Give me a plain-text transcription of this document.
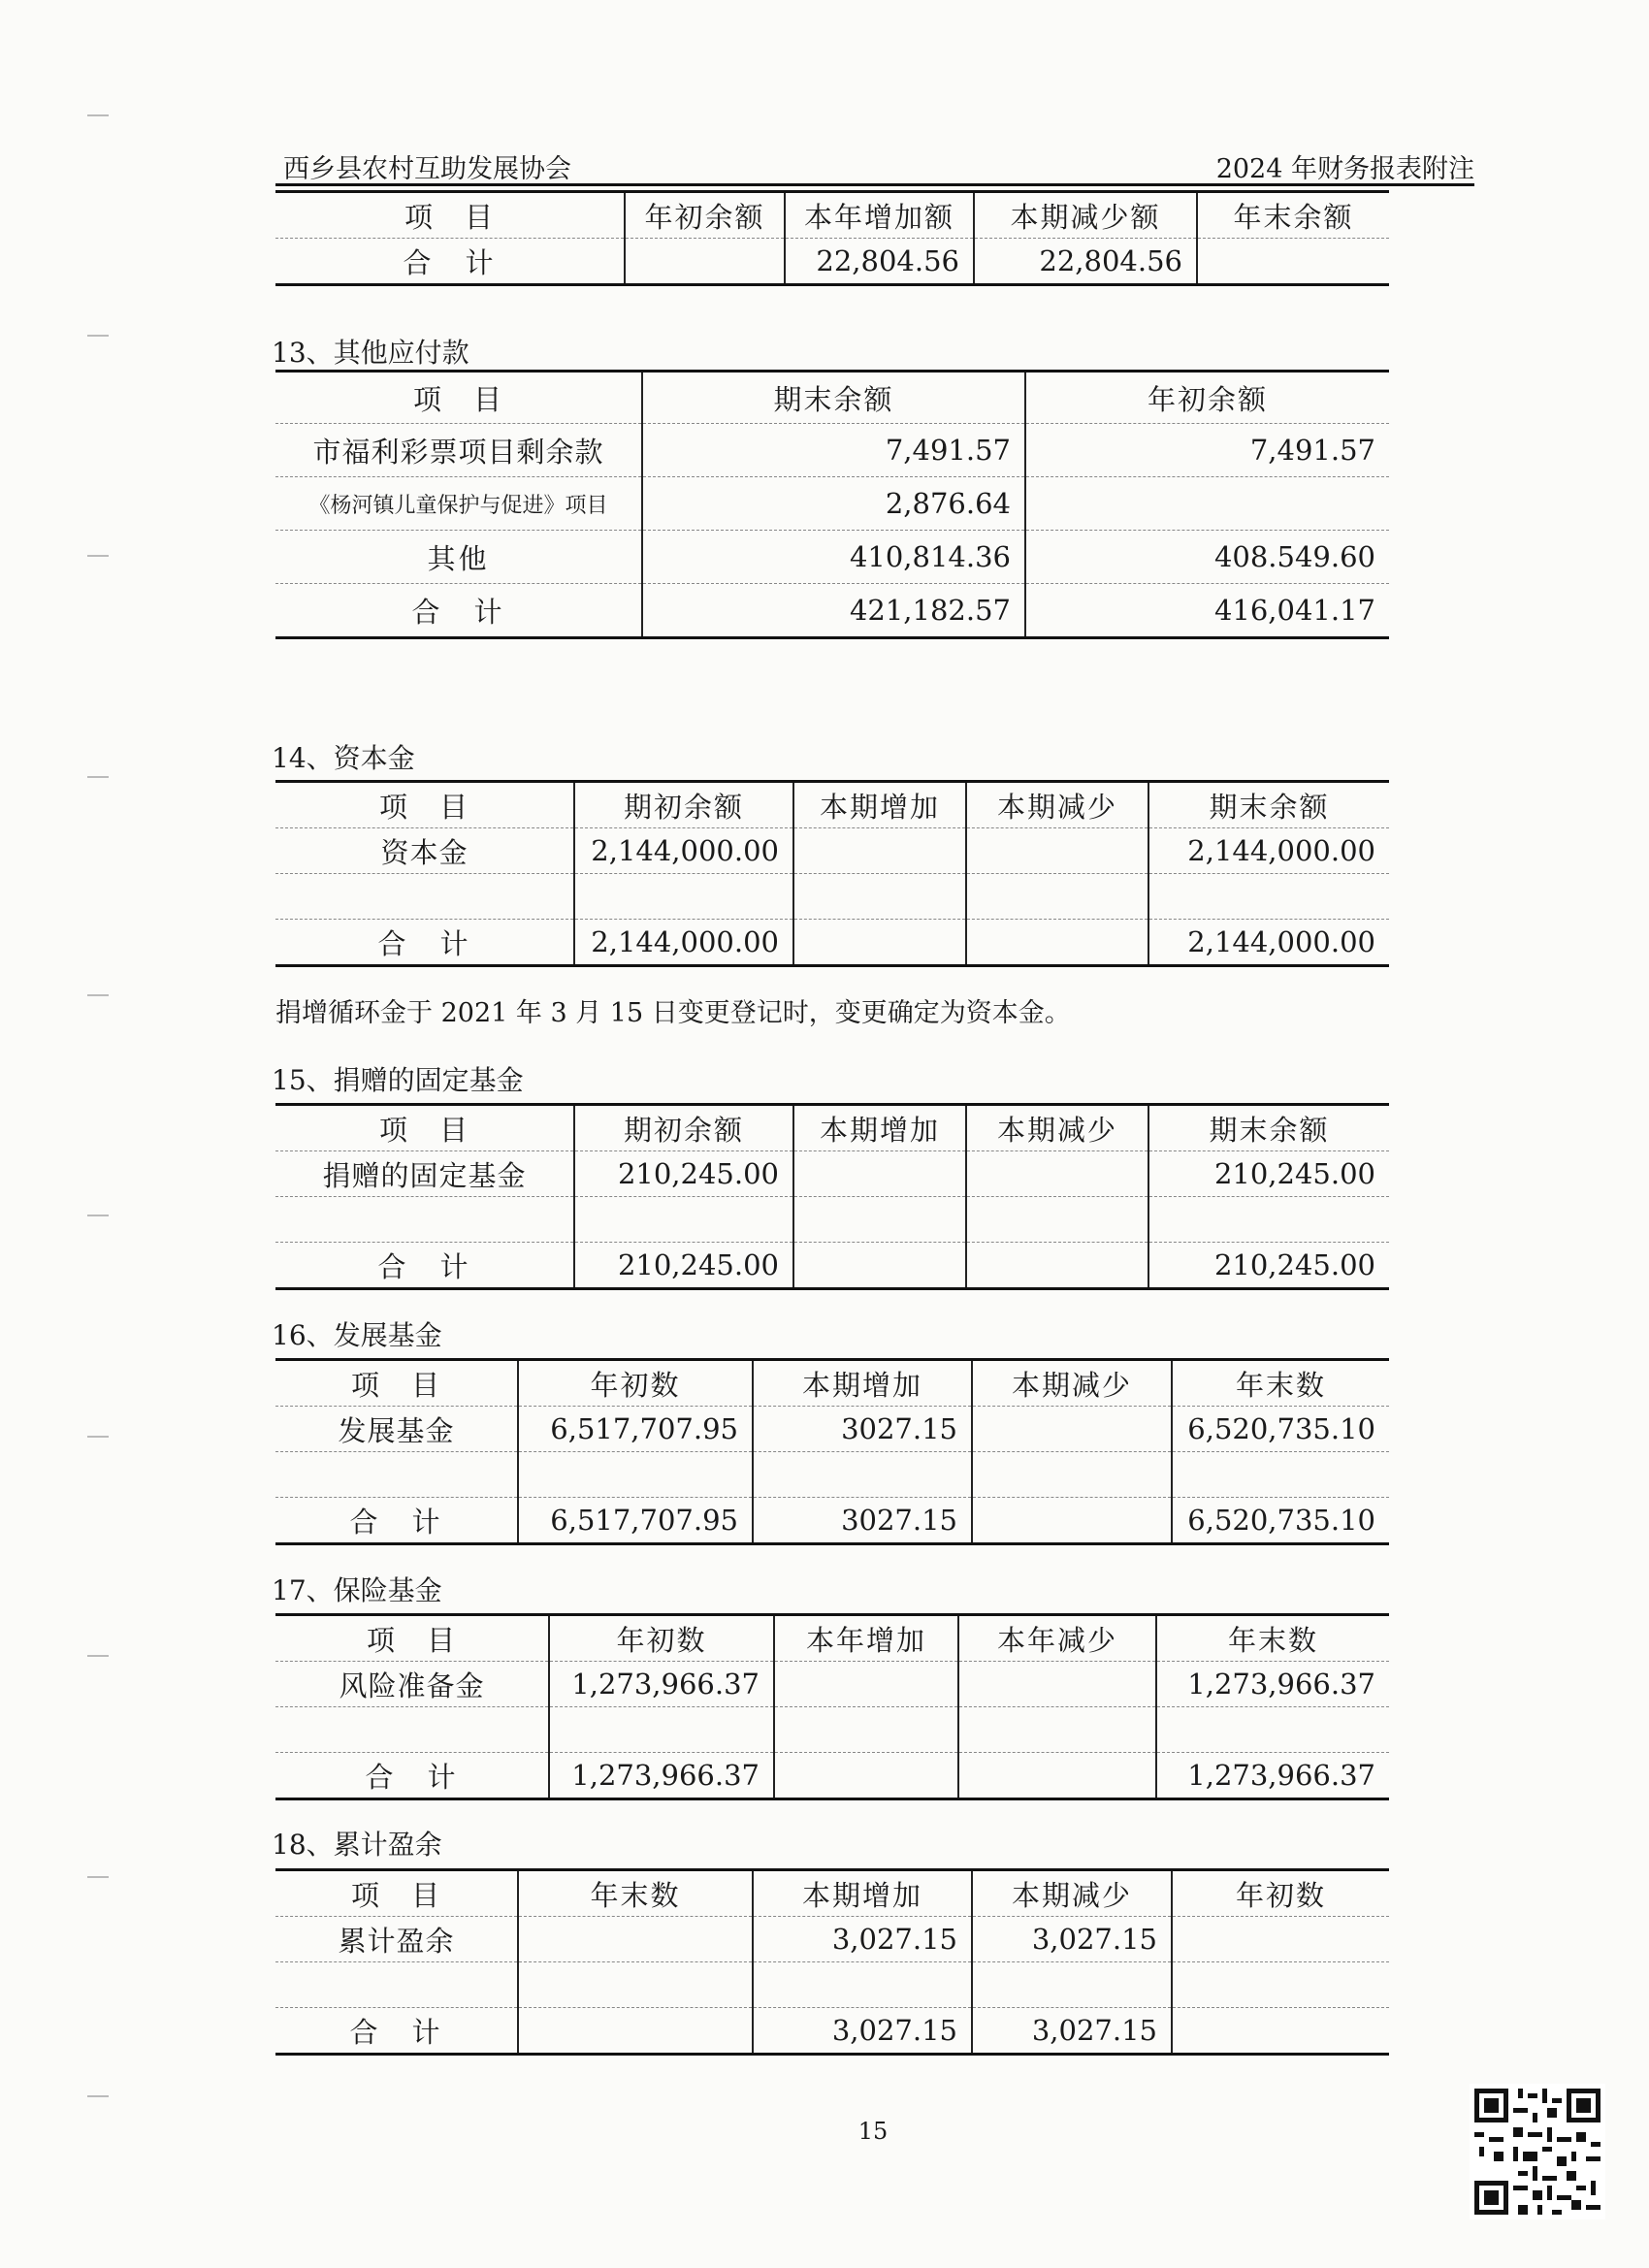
西乡县农村互助发展协会	2024 年财务报表附注
项　目	年初余额	本年增加额	本期减少额	年末余额
合　计		22,804.56	22,804.56	
13、其他应付款
项　目	期末余额	年初余额
市福利彩票项目剩余款	7,491.57	7,491.57
《杨河镇儿童保护与促进》项目	2,876.64	
其他	410,814.36	408.549.60
合　计	421,182.57	416,041.17
14、资本金
项　目	期初余额	本期增加	本期减少	期末余额
资本金	2,144,000.00			2,144,000.00

合　计	2,144,000.00			2,144,000.00
捐增循环金于 2021 年 3 月 15 日变更登记时，变更确定为资本金。
15、捐赠的固定基金
项　目	期初余额	本期增加	本期减少	期末余额
捐赠的固定基金	210,245.00			210,245.00

合　计	210,245.00			210,245.00
16、发展基金
项　目	年初数	本期增加	本期减少	年末数
发展基金	6,517,707.95	3027.15		6,520,735.10

合　计	6,517,707.95	3027.15		6,520,735.10
17、保险基金
项　目	年初数	本年增加	本年减少	年末数
风险准备金	1,273,966.37			1,273,966.37

合　计	1,273,966.37			1,273,966.37
18、累计盈余
项　目	年末数	本期增加	本期减少	年初数
累计盈余		3,027.15	3,027.15	

合　计		3,027.15	3,027.15	
15
